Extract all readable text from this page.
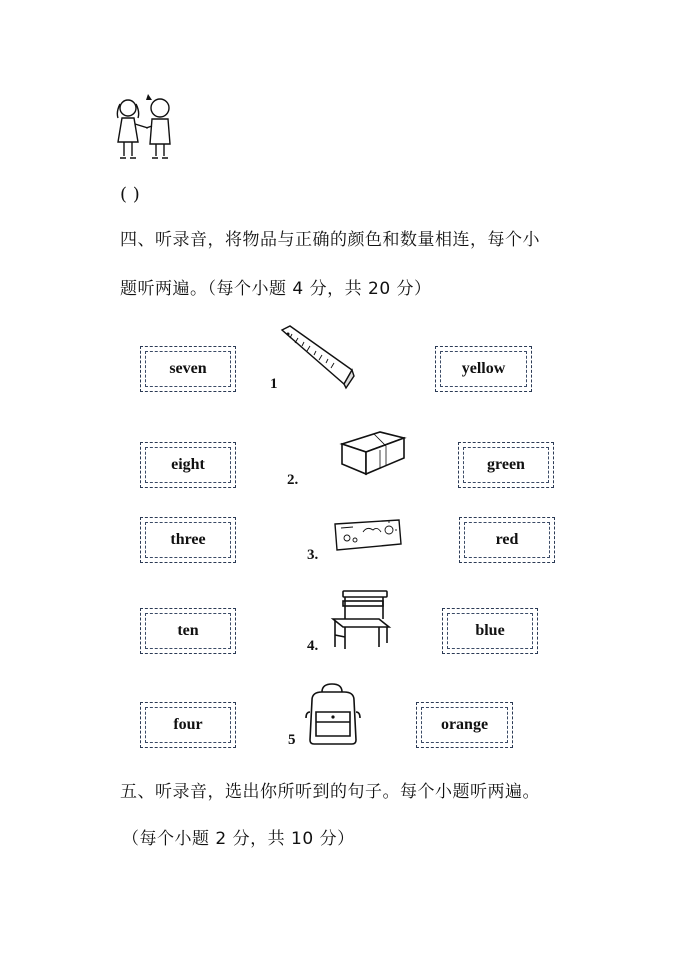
( )
四、听录音，将物品与正确的颜色和数量相连，每个小
题听两遍。（每个小题 4 分，共 20 分）
seven
eight
three
ten
four
yellow
green
red
blue
orange
1
2.
3.
4.
5
五、听录音，选出你所听到的句子。每个小题听两遍。
（每个小题 2 分，共 10 分）
